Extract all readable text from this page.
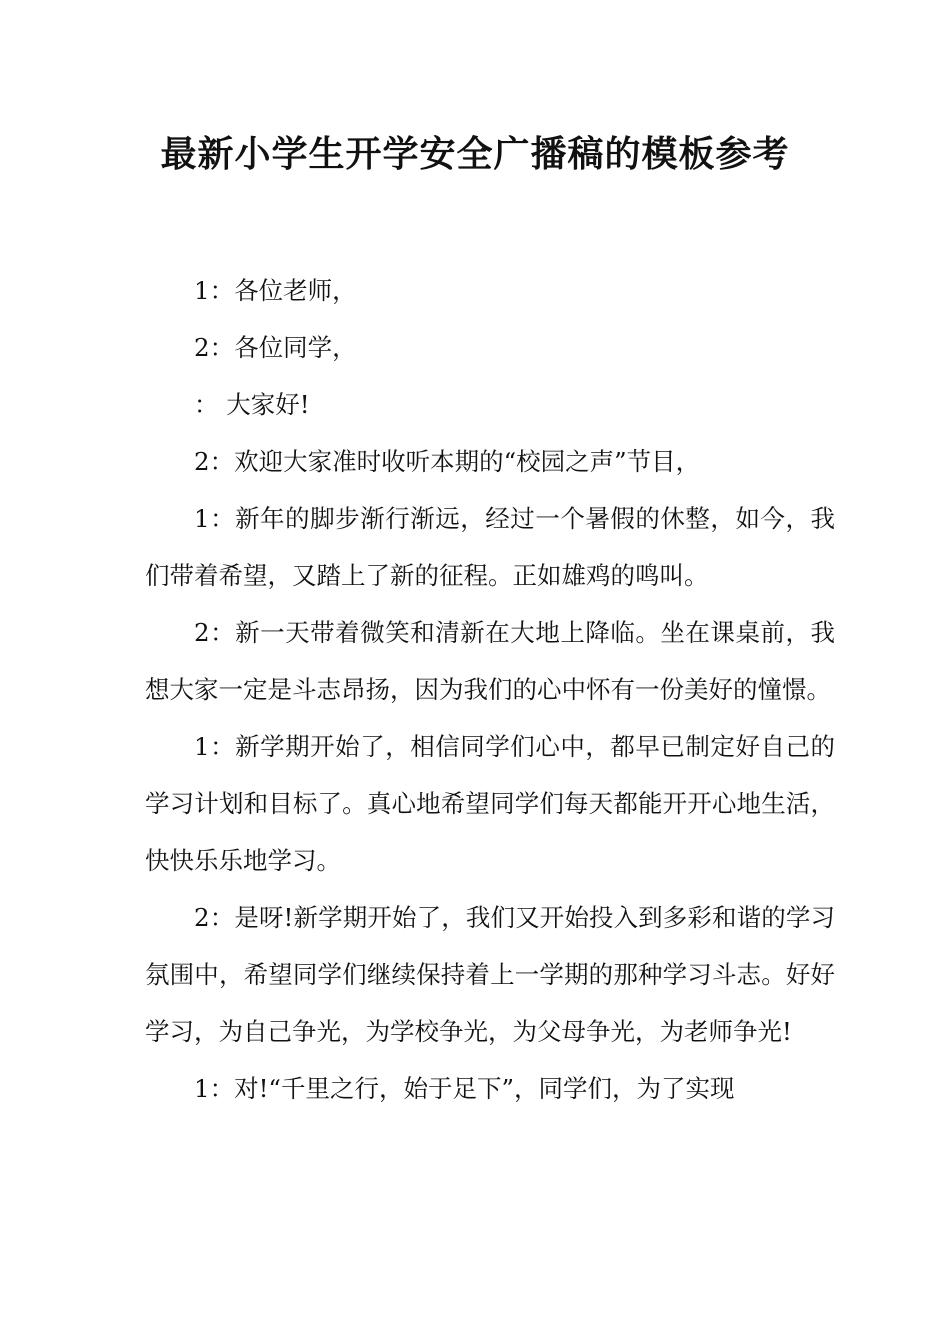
最新小学生开学安全广播稿的模板参考

1：各位老师，

2：各位同学，

： 大家好!

2：欢迎大家准时收听本期的“校园之声”节目，

1：新年的脚步渐行渐远，经过一个暑假的休整，如今，我们带着希望，又踏上了新的征程。正如雄鸡的鸣叫。

2：新一天带着微笑和清新在大地上降临。坐在课桌前，我想大家一定是斗志昂扬，因为我们的心中怀有一份美好的憧憬。

1：新学期开始了，相信同学们心中，都早已制定好自己的学习计划和目标了。真心地希望同学们每天都能开开心地生活，快快乐乐地学习。

2：是呀!新学期开始了，我们又开始投入到多彩和谐的学习氛围中，希望同学们继续保持着上一学期的那种学习斗志。好好学习，为自己争光，为学校争光，为父母争光，为老师争光!

1：对!“千里之行，始于足下”，同学们，为了实现
